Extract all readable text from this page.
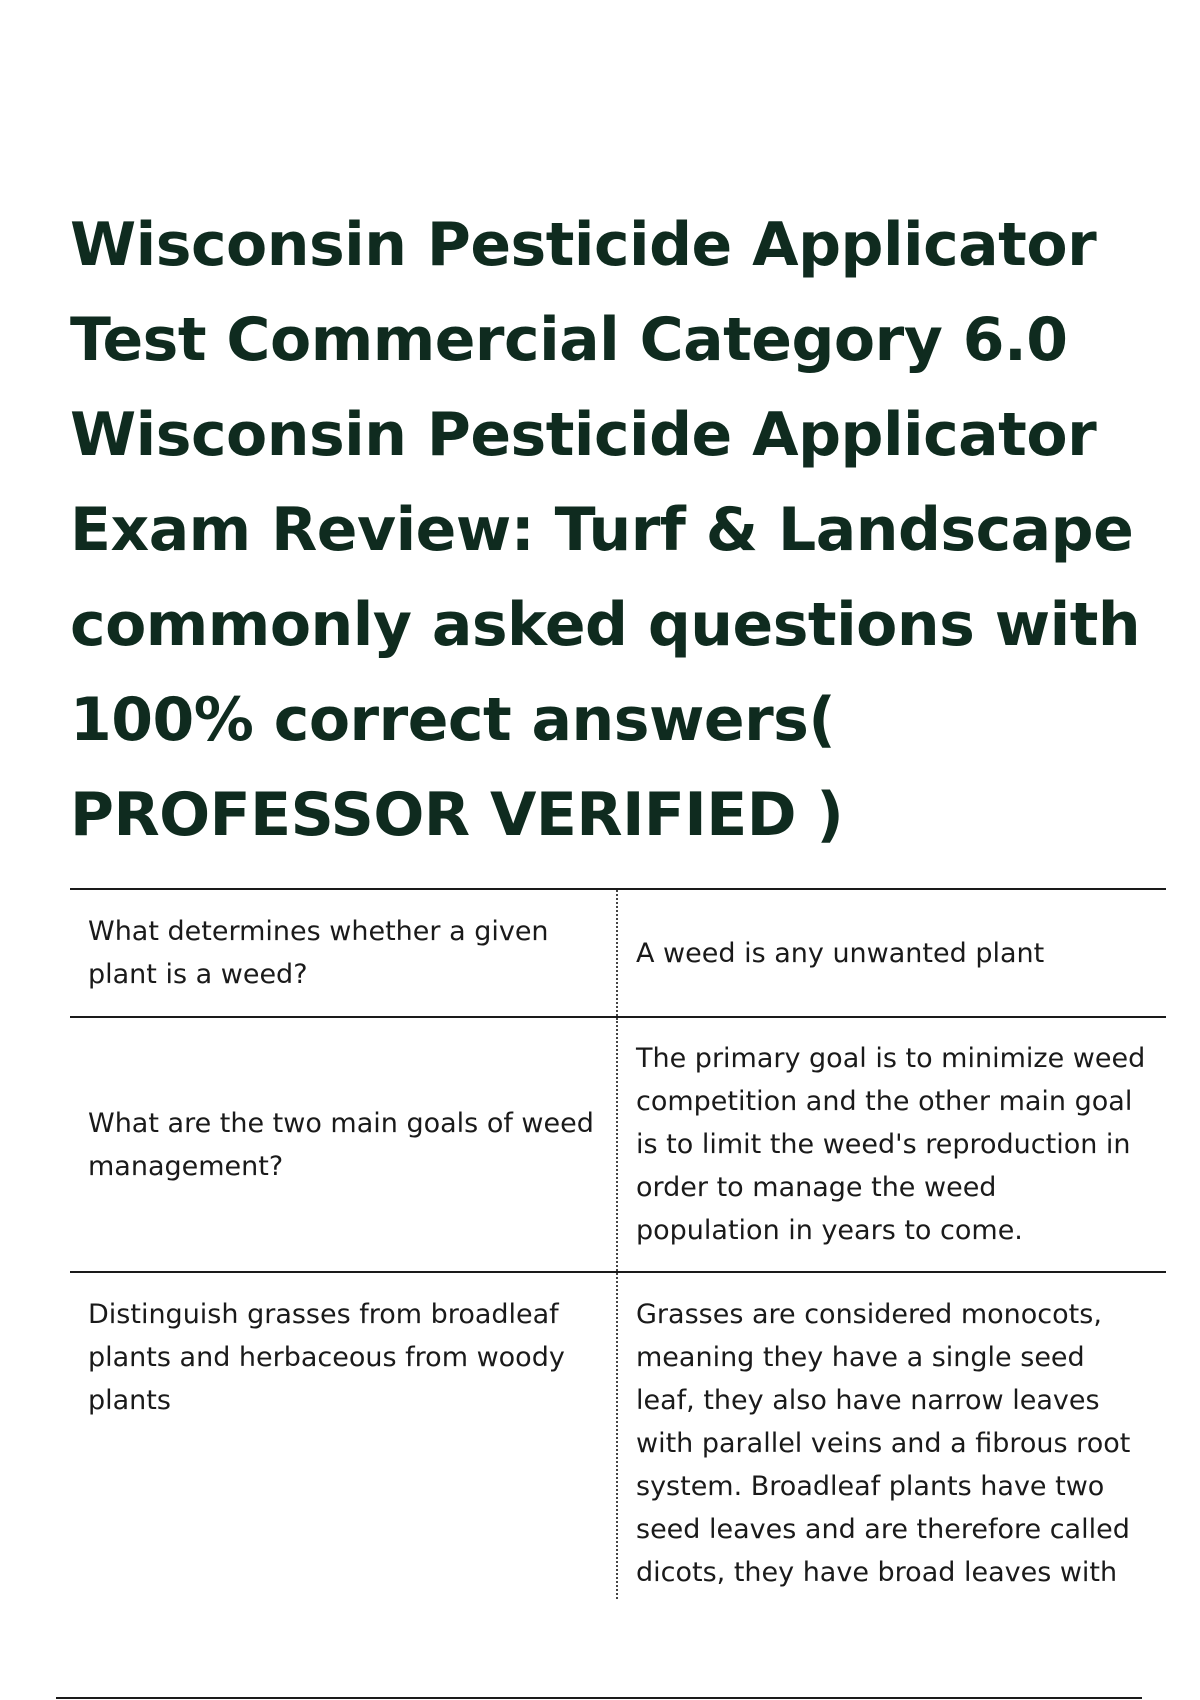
Wisconsin Pesticide Applicator Test Commercial Category 6.0 Wisconsin Pesticide Applicator Exam Review: Turf & Landscape commonly asked questions with 100% correct answers( PROFESSOR VERIFIED )
What determines whether a given plant is a weed?
A weed is any unwanted plant
What are the two main goals of weed management?
The primary goal is to minimize weed competition and the other main goal is to limit the weed's reproduction in order to manage the weed population in years to come.
Distinguish grasses from broadleaf plants and herbaceous from woody plants
Grasses are considered monocots, meaning they have a single seed leaf, they also have narrow leaves with parallel veins and a fibrous root system. Broadleaf plants have two seed leaves and are therefore called dicots, they have broad leaves with
